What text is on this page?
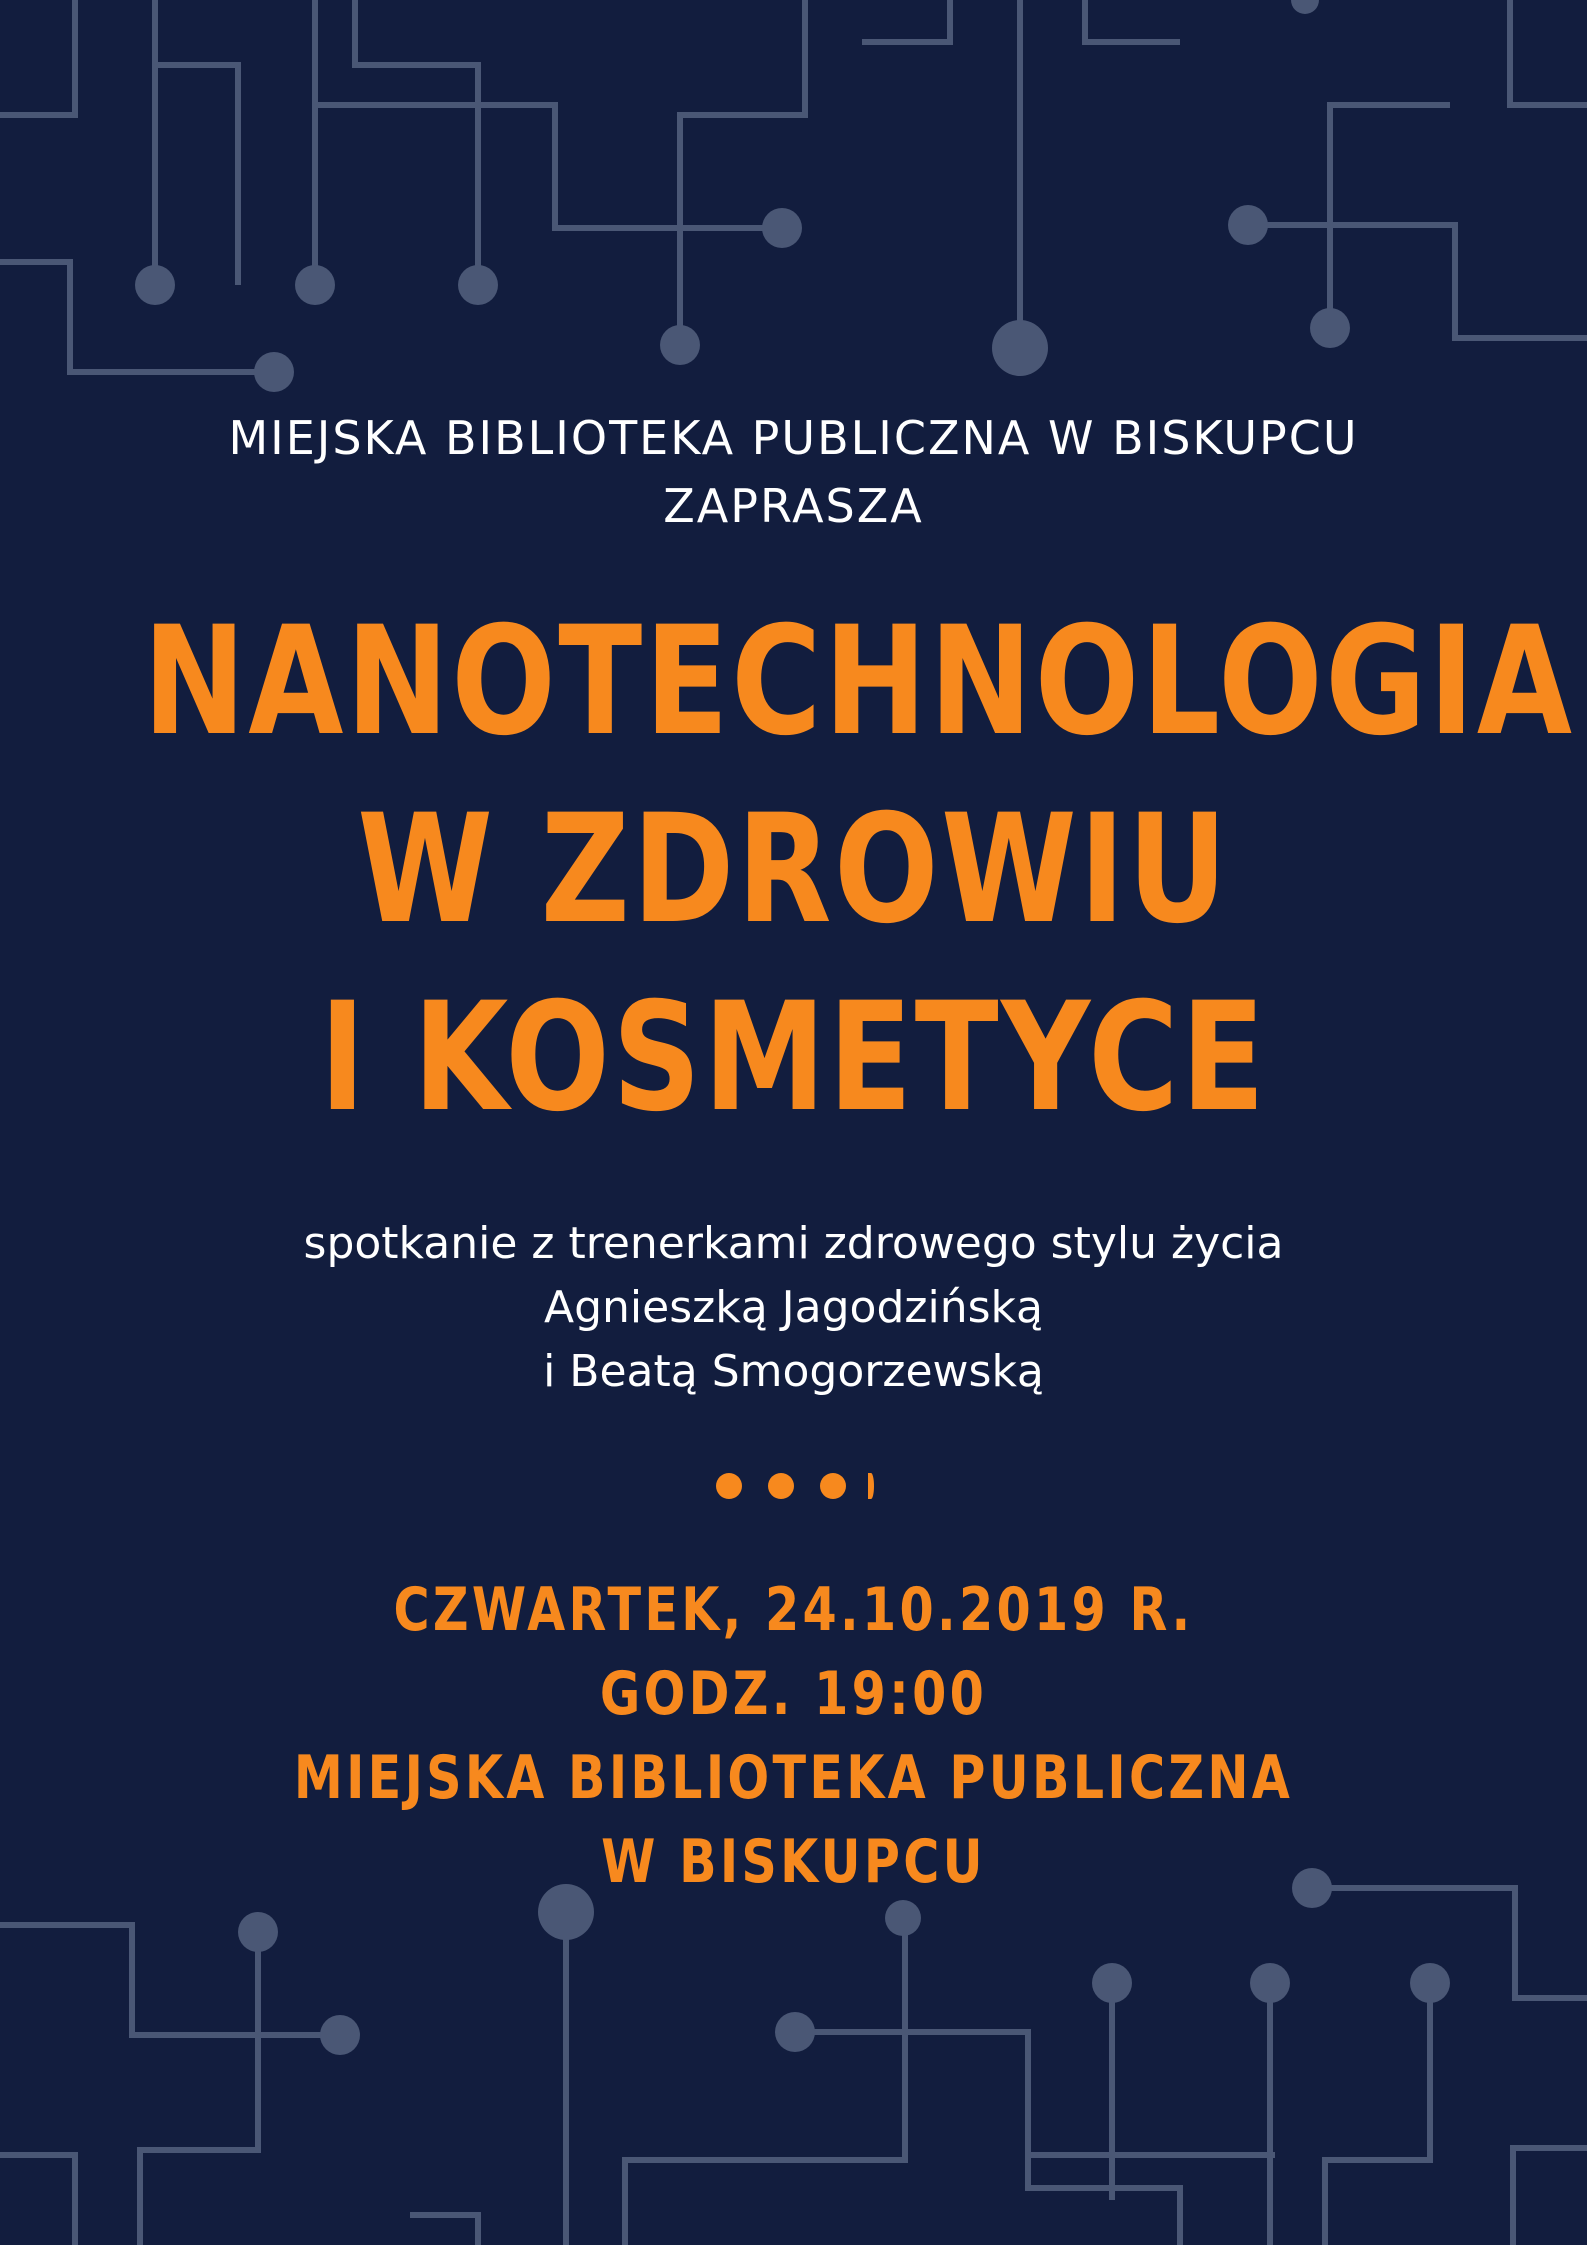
MIEJSKA BIBLIOTEKA PUBLICZNA W BISKUPCU
ZAPRASZA
NANOTECHNOLOGIA
W ZDROWIU
I KOSMETYCE
spotkanie z trenerkami zdrowego stylu życia
Agnieszką Jagodzińską
i Beatą Smogorzewską
CZWARTEK, 24.10.2019 R.
GODZ. 19:00
MIEJSKA BIBLIOTEKA PUBLICZNA
W BISKUPCU
